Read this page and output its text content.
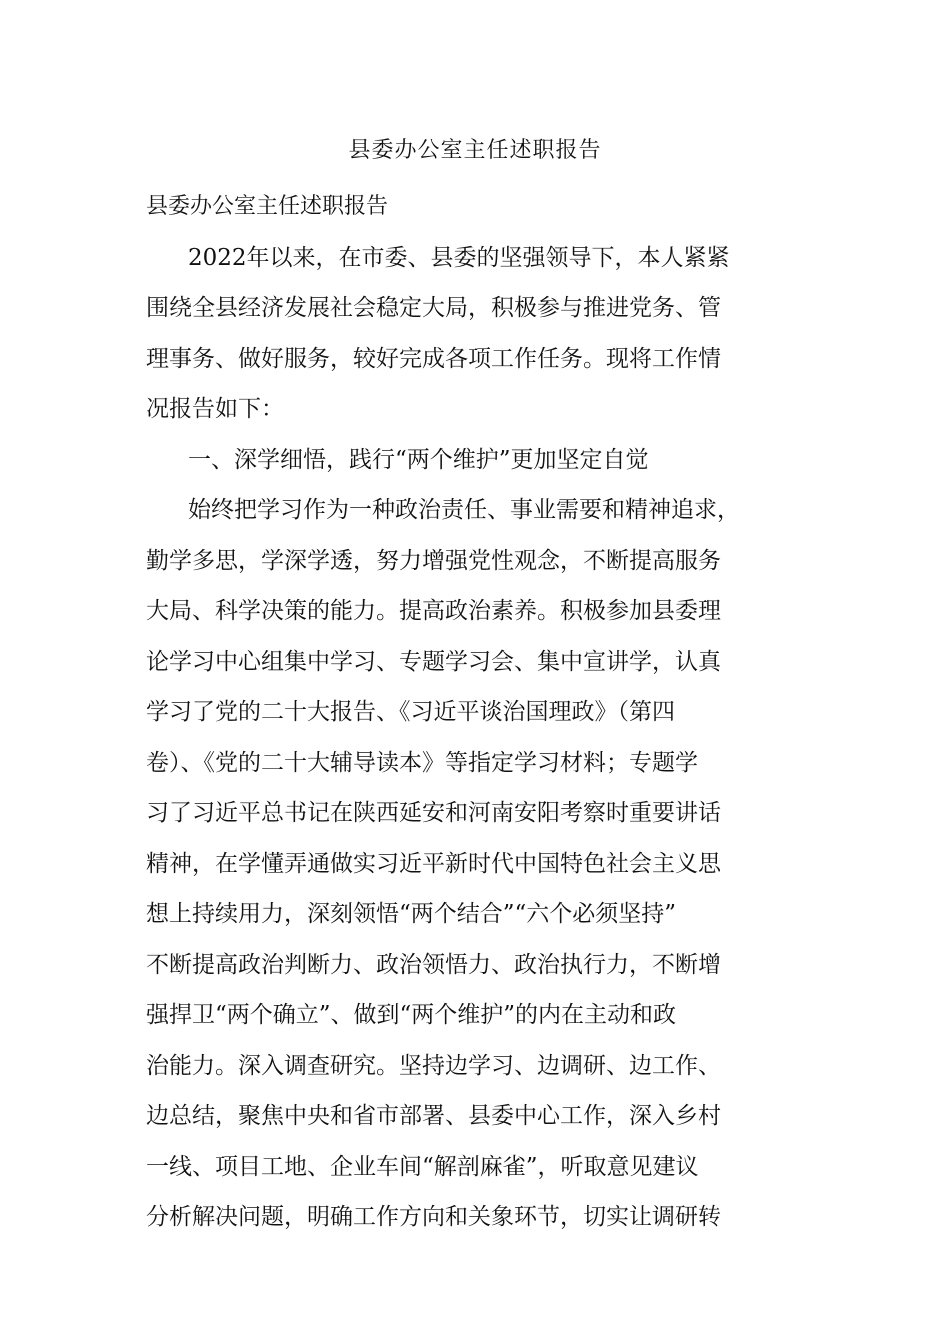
县委办公室主任述职报告
县委办公室主任述职报告
2022年以来，在市委、县委的坚强领导下，本人紧紧
围绕全县经济发展社会稳定大局，积极参与推进党务、管
理事务、做好服务，较好完成各项工作任务。现将工作情
况报告如下：
一、深学细悟，践行“两个维护”更加坚定自觉
始终把学习作为一种政治责任、事业需要和精神追求，
勤学多思，学深学透，努力增强党性观念，不断提高服务
大局、科学决策的能力。提高政治素养。积极参加县委理
论学习中心组集中学习、专题学习会、集中宣讲学，认真
学习了党的二十大报告、《习近平谈治国理政》（第四
卷）、《党的二十大辅导读本》等指定学习材料；专题学
习了习近平总书记在陕西延安和河南安阳考察时重要讲话
精神，在学懂弄通做实习近平新时代中国特色社会主义思
想上持续用力，深刻领悟“两个结合”“六个必须坚持”
不断提高政治判断力、政治领悟力、政治执行力，不断增
强捍卫“两个确立”、做到“两个维护”的内在主动和政
治能力。深入调查研究。坚持边学习、边调研、边工作、
边总结，聚焦中央和省市部署、县委中心工作，深入乡村
一线、项目工地、企业车间“解剖麻雀”，听取意见建议
分析解决问题，明确工作方向和关象环节，切实让调研转
